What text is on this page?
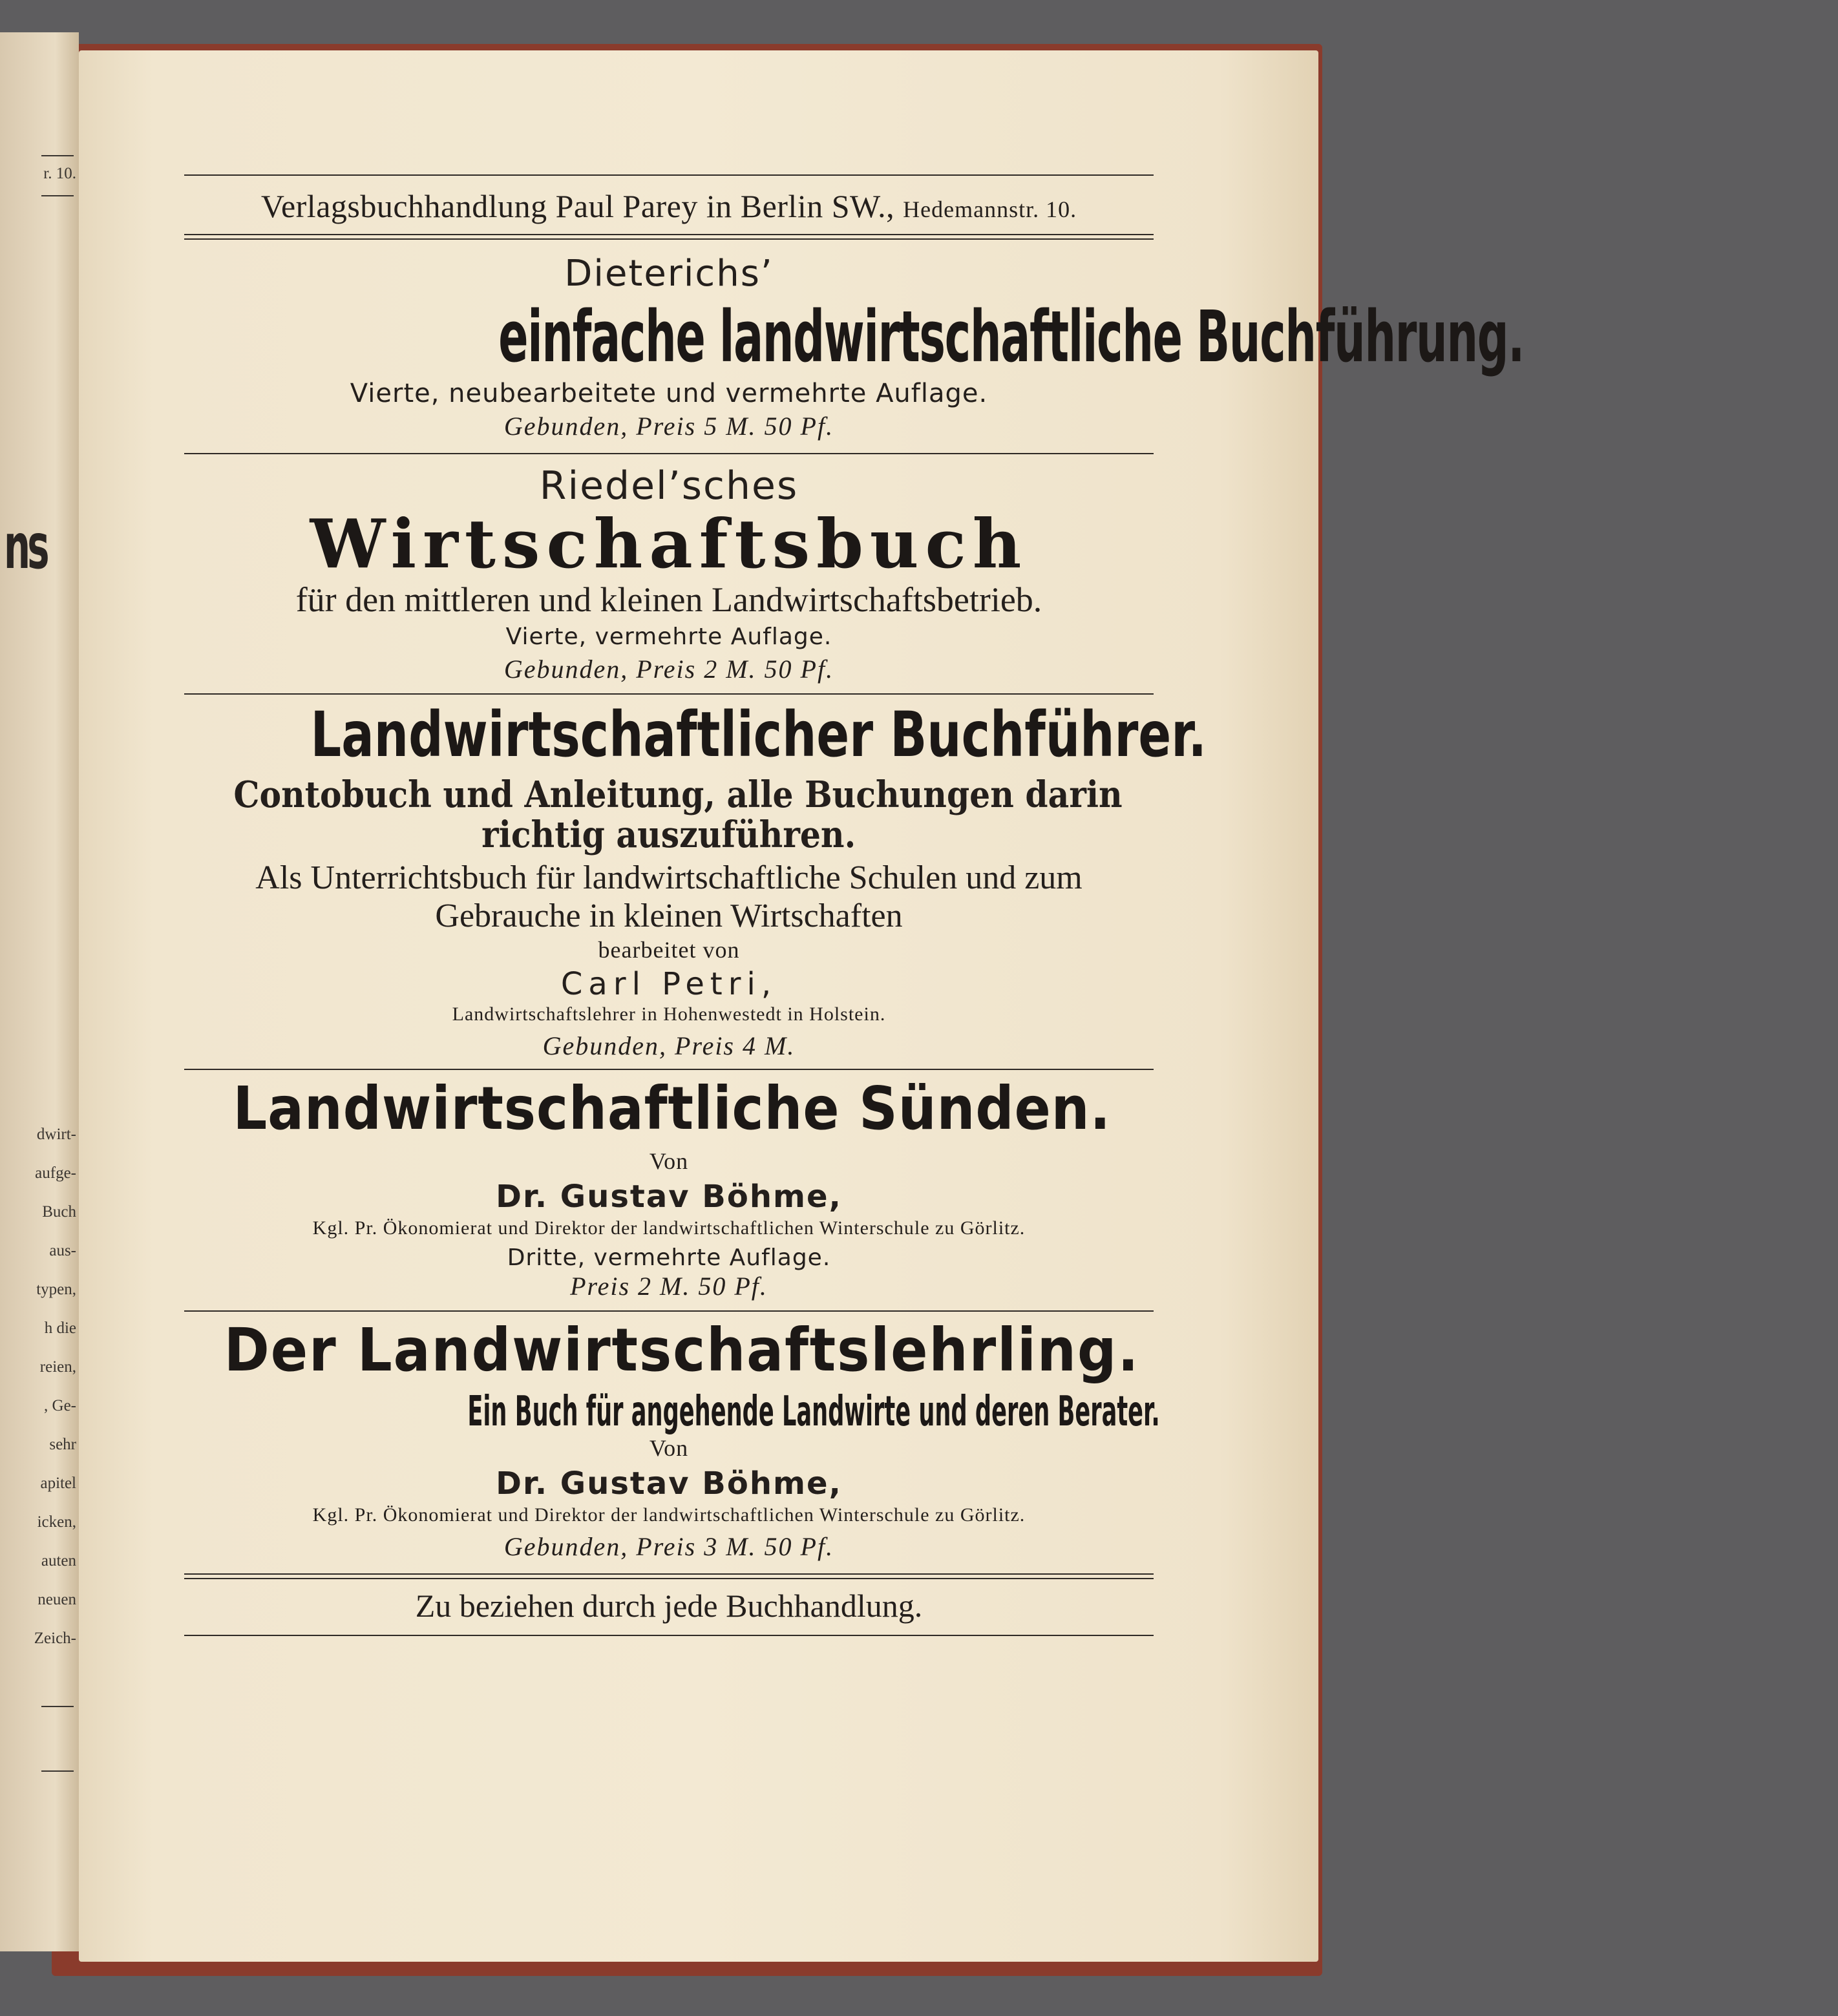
r. 10.
ns
dwirt-
aufge-
Buch
aus-
typen,
h die
reien,
, Ge-
sehr
apitel
icken,
auten
neuen
Zeich-
Verlagsbuchhandlung Paul Parey in Berlin SW., Hedemannstr. 10.
Dieterichs’
einfache landwirtschaftliche Buchführung.
Vierte, neubearbeitete und vermehrte Auflage.
Gebunden, Preis 5 M. 50 Pf.
Riedel’sches
Wirtschaftsbuch
für den mittleren und kleinen Landwirtschaftsbetrieb.
Vierte, vermehrte Auflage.
Gebunden, Preis 2 M. 50 Pf.
Landwirtschaftlicher Buchführer.
Contobuch und Anleitung, alle Buchungen darin
richtig auszuführen.
Als Unterrichtsbuch für landwirtschaftliche Schulen und zum
Gebrauche in kleinen Wirtschaften
bearbeitet von
Carl Petri,
Landwirtschaftslehrer in Hohenwestedt in Holstein.
Gebunden, Preis 4 M.
Landwirtschaftliche Sünden.
Von
Dr. Gustav Böhme,
Kgl. Pr. Ökonomierat und Direktor der landwirtschaftlichen Winterschule zu Görlitz.
Dritte, vermehrte Auflage.
Preis 2 M. 50 Pf.
Der Landwirtschaftslehrling.
Ein Buch für angehende Landwirte und deren Berater.
Von
Dr. Gustav Böhme,
Kgl. Pr. Ökonomierat und Direktor der landwirtschaftlichen Winterschule zu Görlitz.
Gebunden, Preis 3 M. 50 Pf.
Zu beziehen durch jede Buchhandlung.
